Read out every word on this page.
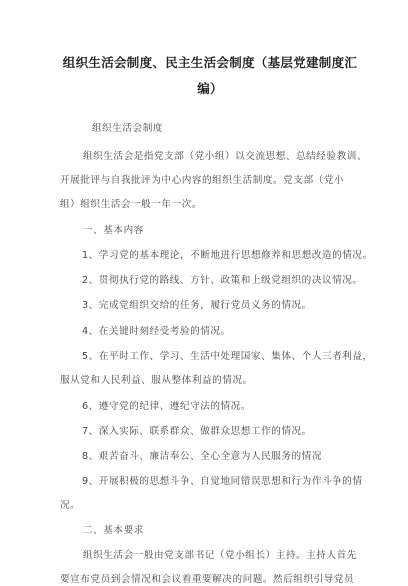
组织生活会制度、民主生活会制度（基层党建制度汇
编）
组织生活会制度
组织生活会是指党支部（党小组）以交流思想、总结经验教训、
开展批评与自我批评为中心内容的组织生活制度。党支部（党小
组）组织生活会一般一年一次。
一、基本内容
1、学习党的基本理论，不断地进行思想修养和思想改造的情况。
2、贯彻执行党的路线、方针、政策和上级党组织的决议情况。
3、完成党组织交给的任务，履行党员义务的情况。
4、在关键时刻经受考验的情况。
5、在平时工作、学习、生活中处理国家、集体、个人三者利益，
服从党和人民利益、服从整体利益的情况。
6、遵守党的纪律、遵纪守法的情况。
7、深入实际、联系群众、做群众思想工作的情况。
8、艰苦奋斗、廉洁奉公、全心全意为人民服务的情况
9、开展积极的思想斗争、自觉地同错误思想和行为作斗争的情
况。
二、基本要求
组织生活会一般由党支部书记（党小组长）主持。主持人首先
要宣布党员到会情况和会议着重要解决的问题。然后组织引导党员
